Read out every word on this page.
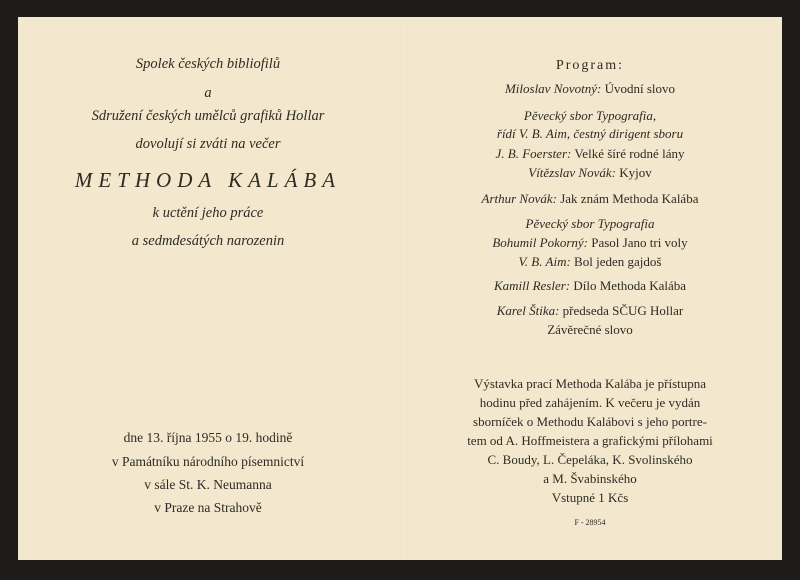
Spolek českých bibliofilů
a
Sdružení českých umělců grafiků Hollar
dovolují si zváti na večer
METHODA KALÁBA
k uctění jeho práce
a sedmdesátých narozenin
dne 13. října 1955 o 19. hodině
v Památníku národního písemnictví
v sále St. K. Neumanna
v Praze na Strahově
Program:
Miloslav Novotný: Úvodní slovo
Pěvecký sbor Typografia,
řídí V. B. Aim, čestný dirigent sboru
J. B. Foerster: Velké šíré rodné lány
Vítězslav Novák: Kyjov
Arthur Novák: Jak znám Methoda Kalába
Pěvecký sbor Typografia
Bohumil Pokorný: Pasol Jano tri voly
V. B. Aim: Bol jeden gajdoš
Kamill Resler: Dílo Methoda Kalába
Karel Štika: předseda SČUG Hollar
Závěrečné slovo
Výstavka prací Methoda Kalába je přístupna
hodinu před zahájením. K večeru je vydán
sborníček o Methodu Kalábovi s jeho portre-
tem od A. Hoffmeistera a grafickými přílohami
C. Boudy, L. Čepeláka, K. Svolinského
a M. Švabinského
Vstupné 1 Kčs
F - 28954
